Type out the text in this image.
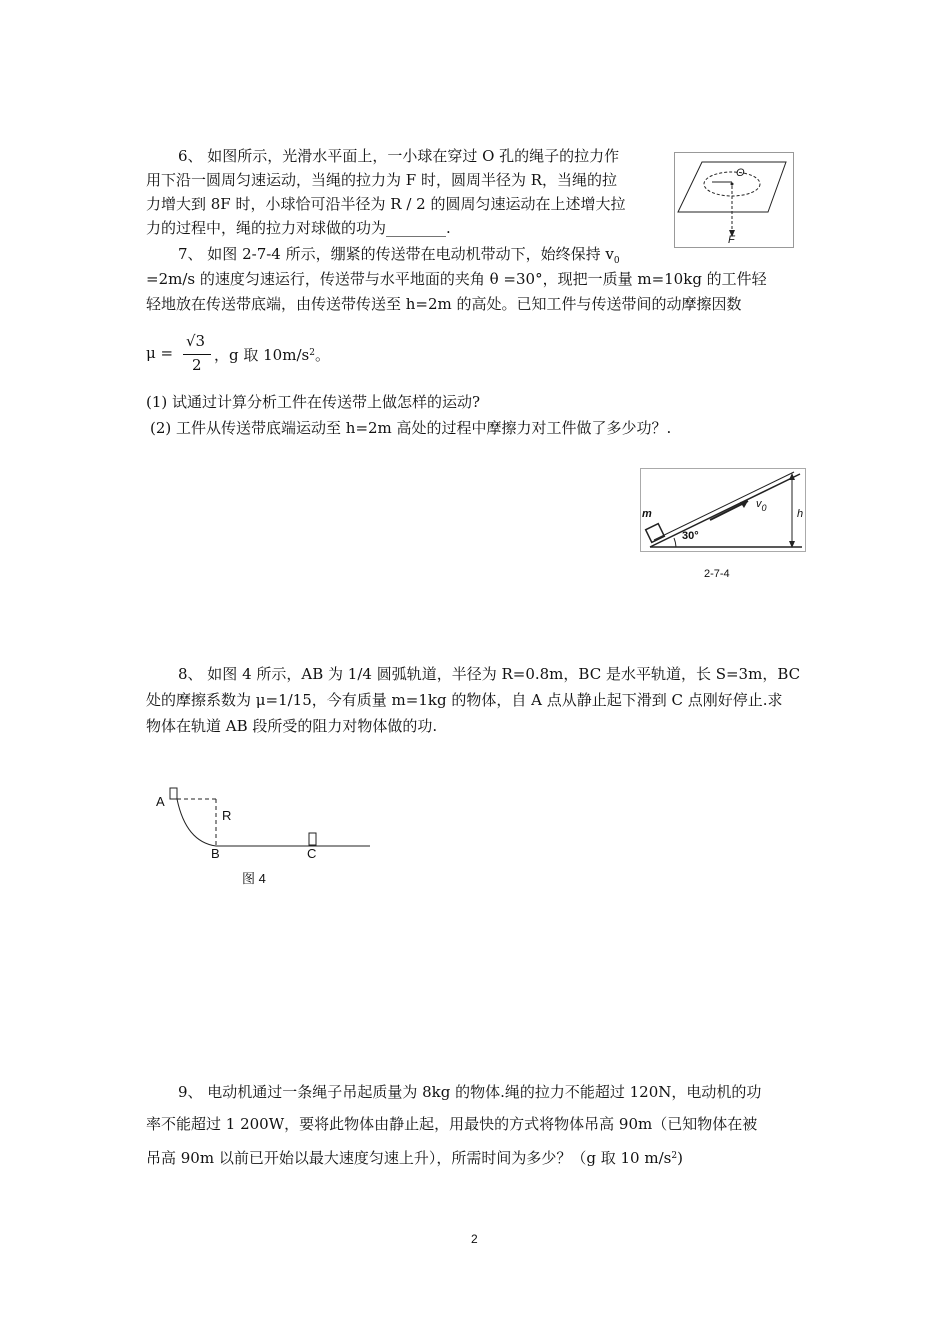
6、 如图所示，光滑水平面上，一小球在穿过 O 孔的绳子的拉力作
用下沿一圆周匀速运动，当绳的拉力为 F 时，圆周半径为 R，当绳的拉
力增大到 8F 时，小球恰可沿半径为 R / 2 的圆周匀速运动在上述增大拉
力的过程中，绳的拉力对球做的功为________.
O
F
7、 如图 2-7-4 所示，绷紧的传送带在电动机带动下，始终保持 $v_0$
=2m/s 的速度匀速运行，传送带与水平地面的夹角 θ =30°，现把一质量 m=10kg 的工件轻
轻地放在传送带底端，由传送带传送至 h=2m 的高处。已知工件与传送带间的动摩擦因数
μ =
√3
2
，g 取 $10m/s^2$。
(1) 试通过计算分析工件在传送带上做怎样的运动?
(2) 工件从传送带底端运动至 h=2m 高处的过程中摩擦力对工件做了多少功？.
m
$v_0$	h
30°
2-7-4
8、 如图 4 所示，AB 为 1/4 圆弧轨道，半径为 R=0.8m，BC 是水平轨道，长 S=3m，BC
处的摩擦系数为 μ=1/15，今有质量 m=1kg 的物体，自 A 点从静止起下滑到 C 点刚好停止.求
物体在轨道 AB 段所受的阻力对物体做的功.
A
R
B	C
图 4
9、 电动机通过一条绳子吊起质量为 8kg 的物体.绳的拉力不能超过 120N，电动机的功
率不能超过 1 200W，要将此物体由静止起，用最快的方式将物体吊高 90m（已知物体在被
吊高 90m 以前已开始以最大速度匀速上升），所需时间为多少？（g 取 10 $m/s^2$)
2
